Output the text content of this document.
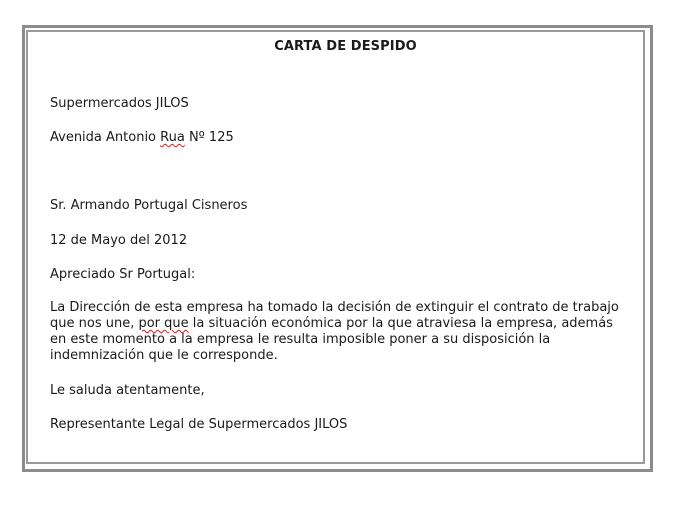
CARTA DE DESPIDO
Supermercados JILOS
Avenida Antonio Rua Nº 125
Sr. Armando Portugal Cisneros
12 de Mayo del 2012
Apreciado Sr Portugal:
La Dirección de esta empresa ha tomado la decisión de extinguir el contrato de trabajo
que nos une, por que la situación económica por la que atraviesa la empresa, además
en este momento a la empresa le resulta imposible poner a su disposición la
indemnización que le corresponde.
Le saluda atentamente,
Representante Legal de Supermercados JILOS
